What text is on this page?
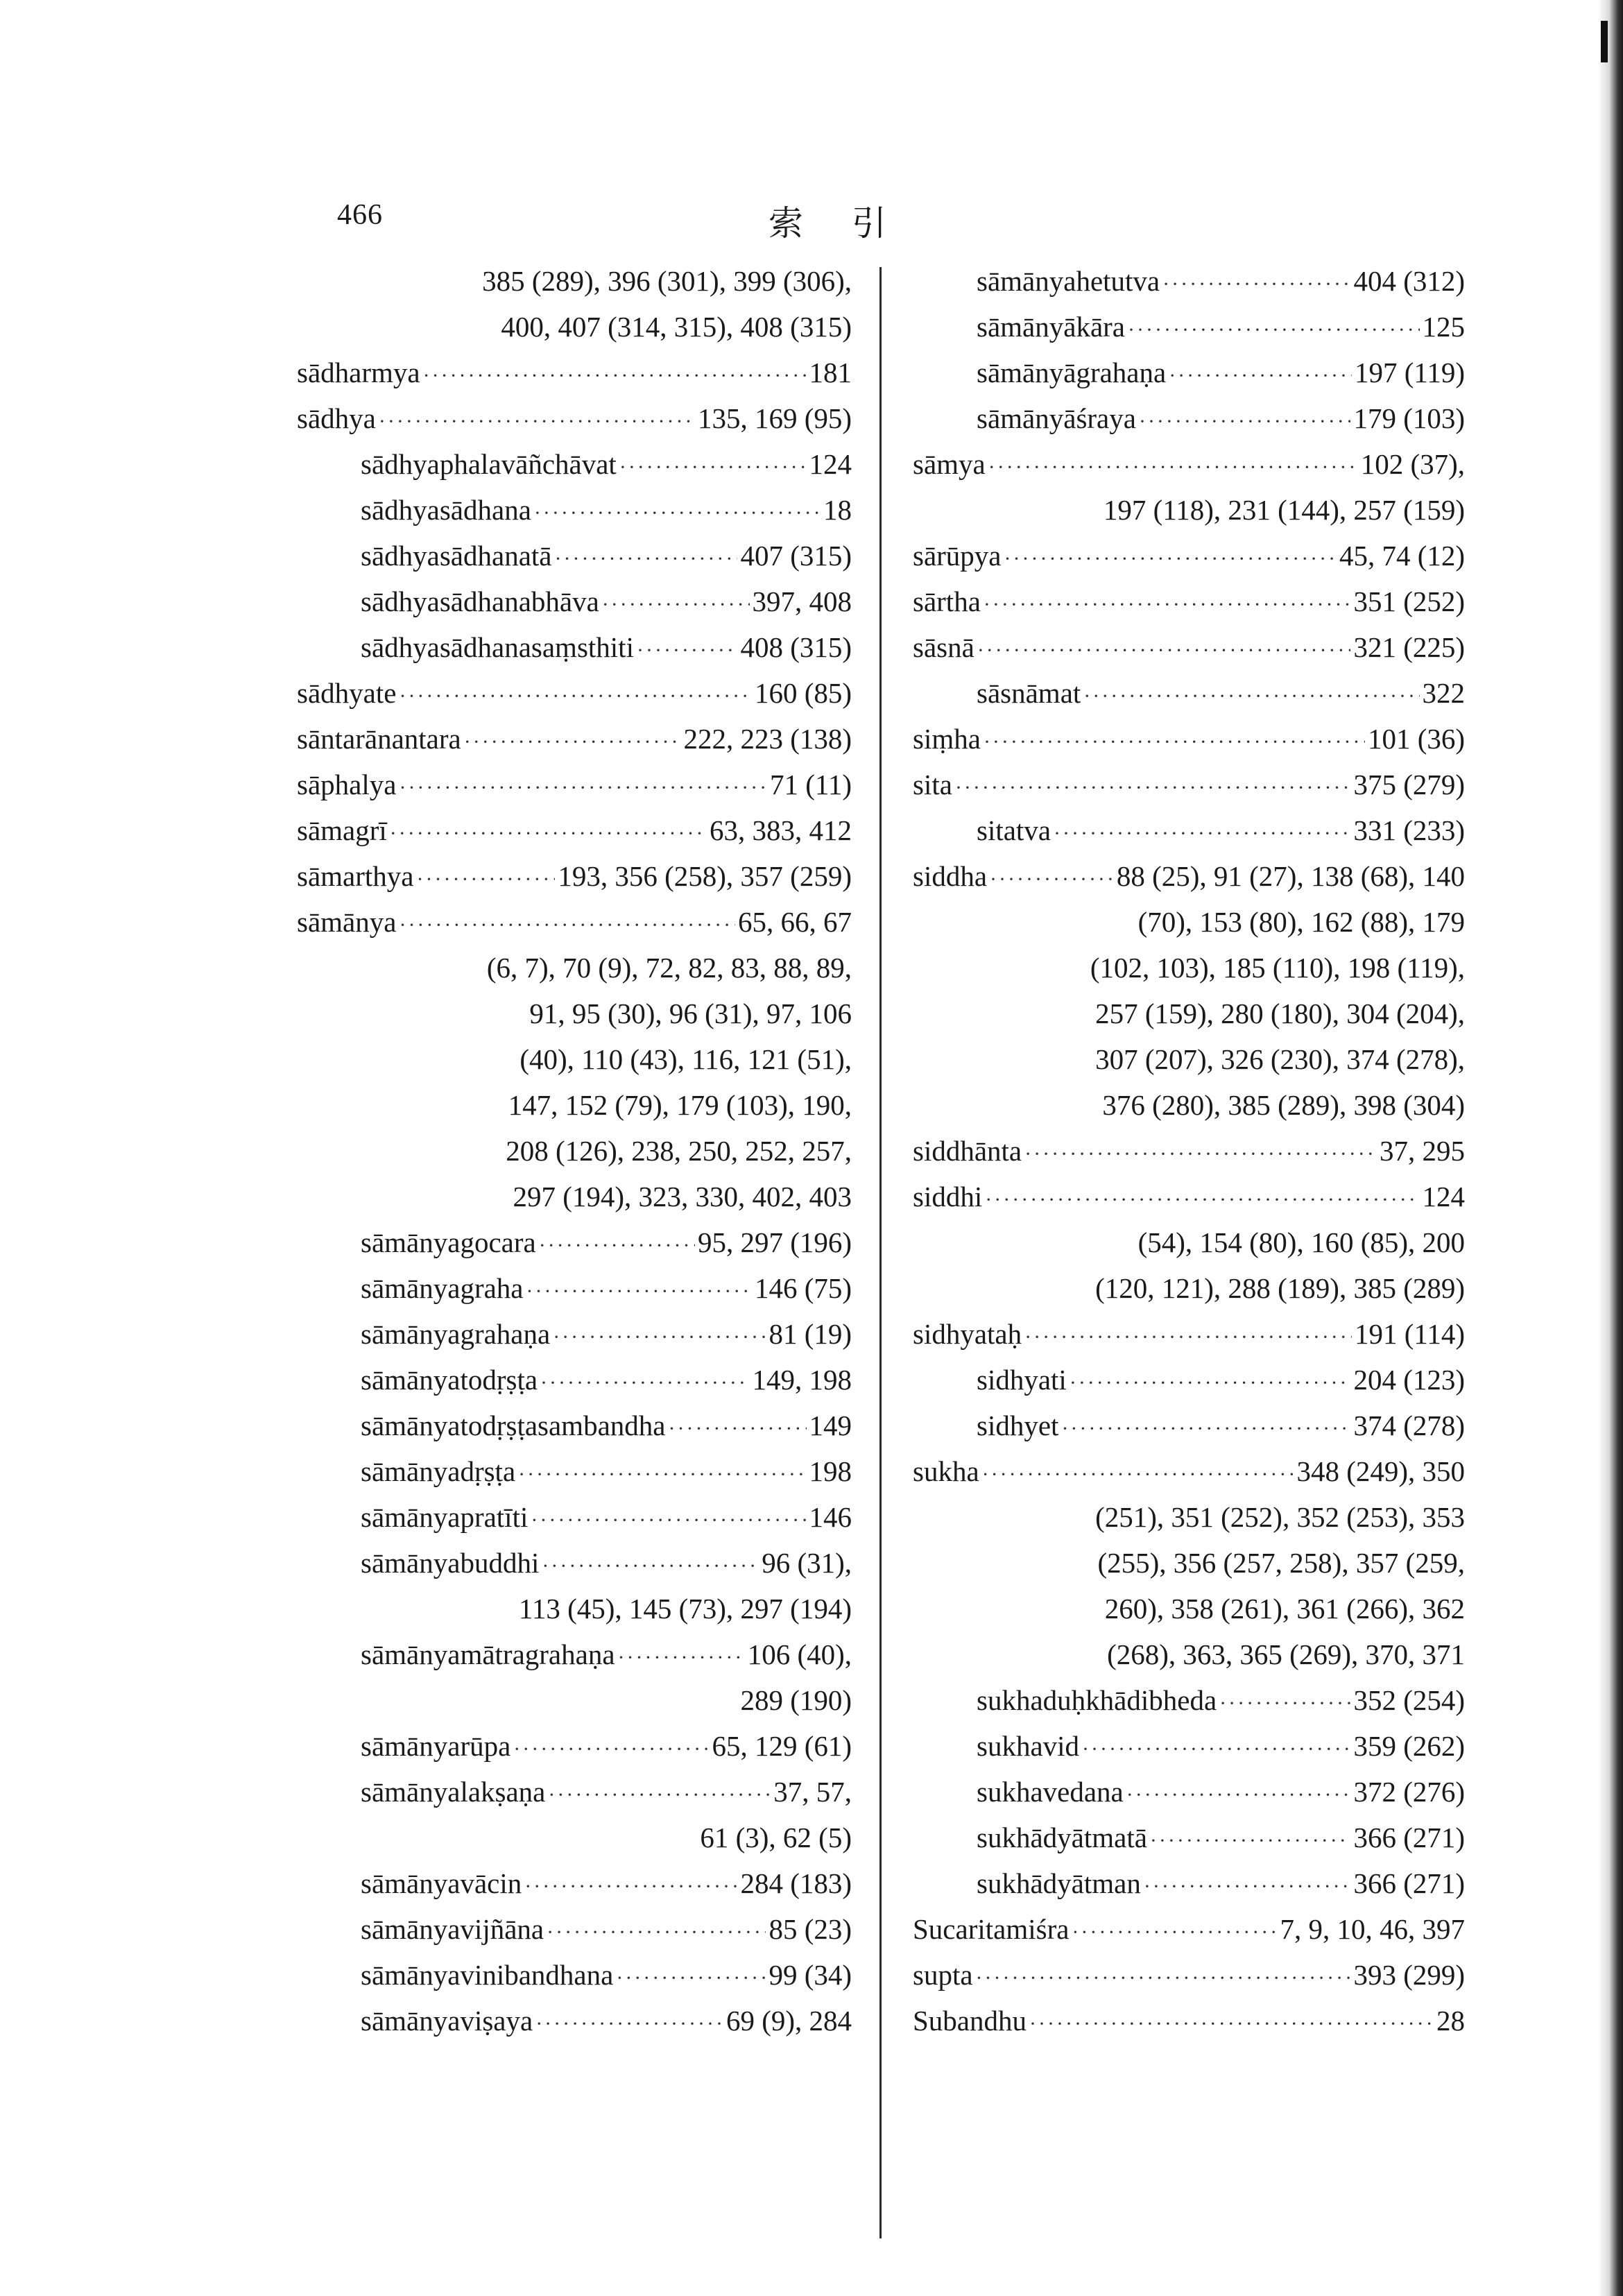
466	索引
385 (289), 396 (301), 399 (306),
400, 407 (314, 315), 408 (315)
sādharmya ·····	181
sādhya ·····	135, 169 (95)
sādhyaphalavāñchāvat ·····	124
sādhyasādhana ·····	18
sādhyasādhanatā ·····	407 (315)
sādhyasādhanabhāva ·····	397, 408
sādhyasādhanasaṃsthiti ·····	408 (315)
sādhyate ·····	160 (85)
sāntarānantara ·····	222, 223 (138)
sāphalya ·····	71 (11)
sāmagrī ·····	63, 383, 412
sāmarthya ·····	193, 356 (258), 357 (259)
sāmānya ·····	65, 66, 67
(6, 7), 70 (9), 72, 82, 83, 88, 89,
91, 95 (30), 96 (31), 97, 106
(40), 110 (43), 116, 121 (51),
147, 152 (79), 179 (103), 190,
208 (126), 238, 250, 252, 257,
297 (194), 323, 330, 402, 403
sāmānyagocara ·····	95, 297 (196)
sāmānyagraha ·····	146 (75)
sāmānyagrahaṇa ·····	81 (19)
sāmānyatodṛṣṭa ·····	149, 198
sāmānyatodṛṣṭasambandha ·····	149
sāmānyadṛṣṭa ·····	198
sāmānyapratīti ·····	146
sāmānyabuddhi ·····	96 (31),
113 (45), 145 (73), 297 (194)
sāmānyamātragrahaṇa ·····	106 (40),
289 (190)
sāmānyarūpa ·····	65, 129 (61)
sāmānyalakṣaṇa ·····	37, 57,
61 (3), 62 (5)
sāmānyavācin ·····	284 (183)
sāmānyavijñāna ·····	85 (23)
sāmānyavinibandhana ·····	99 (34)
sāmānyaviṣaya ·····	69 (9), 284
sāmānyahetutva ·····	404 (312)
sāmānyākāra ·····	125
sāmānyāgrahaṇa ·····	197 (119)
sāmānyāśraya ·····	179 (103)
sāmya ·····	102 (37),
197 (118), 231 (144), 257 (159)
sārūpya ·····	45, 74 (12)
sārtha ·····	351 (252)
sāsnā ·····	321 (225)
sāsnāmat ·····	322
siṃha ·····	101 (36)
sita ·····	375 (279)
sitatva ·····	331 (233)
siddha ·····	88 (25), 91 (27), 138 (68), 140
(70), 153 (80), 162 (88), 179
(102, 103), 185 (110), 198 (119),
257 (159), 280 (180), 304 (204),
307 (207), 326 (230), 374 (278),
376 (280), 385 (289), 398 (304)
siddhānta ·····	37, 295
siddhi ·····	124
(54), 154 (80), 160 (85), 200
(120, 121), 288 (189), 385 (289)
sidhyataḥ ·····	191 (114)
sidhyati ·····	204 (123)
sidhyet ·····	374 (278)
sukha ·····	348 (249), 350
(251), 351 (252), 352 (253), 353
(255), 356 (257, 258), 357 (259,
260), 358 (261), 361 (266), 362
(268), 363, 365 (269), 370, 371
sukhaduḥkhādibheda ·····	352 (254)
sukhavid ·····	359 (262)
sukhavedana ·····	372 (276)
sukhādyātmatā ·····	366 (271)
sukhādyātman ·····	366 (271)
Sucaritamiśra ·····	7, 9, 10, 46, 397
supta ·····	393 (299)
Subandhu ·····	28
